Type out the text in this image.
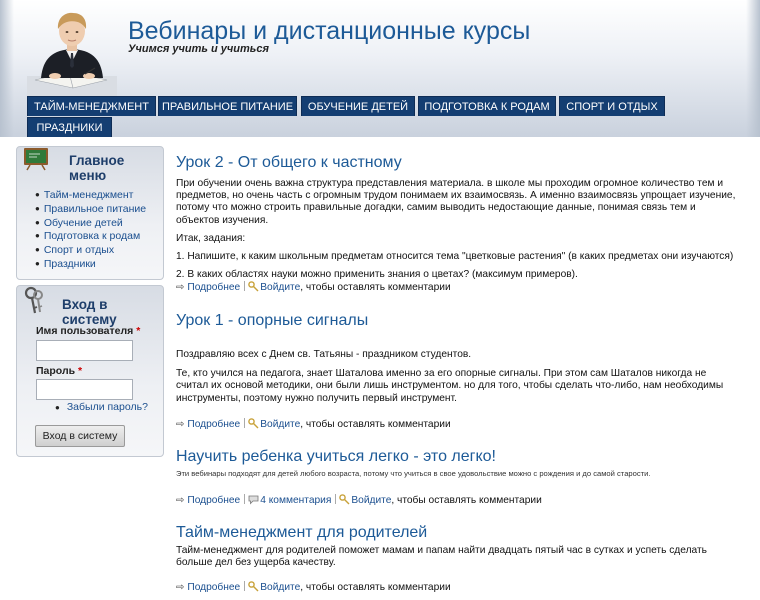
Вебинары и дистанционные курсы
Учимся учить и учиться
ТАЙМ-МЕНЕДЖМЕНТ	ПРАВИЛЬНОЕ ПИТАНИЕ	ОБУЧЕНИЕ ДЕТЕЙ	ПОДГОТОВКА К РОДАМ	СПОРТ И ОТДЫХ
ПРАЗДНИКИ
Главное меню
● Тайм-менеджмент
● Правильное питание
● Обучение детей
● Подготовка к родам
● Спорт и отдых
● Праздники
Вход в систему
Имя пользователя *
Пароль *
● Забыли пароль?
Вход в систему
Урок 2 - От общего к частному

При обучении очень важна структура представления материала. в школе мы проходим огромное количество тем и предметов, но очень часть с огромным трудом понимаем их взаимосвязь. А именно взаимосвязь упрощает изучение, потому что можно строить правильные догадки, самим выводить недостающие данные, понимая связь тем и объектов изучения.

Итак, задания:

1. Напишите, к каким школьным предметам относится тема "цветковые растения" (в каких предметах они изучаются)

2. В каких областях науки можно применить знания о цветах? (максимум примеров).

⇨ Подробнее Войдите, чтобы оставлять комментарии
Урок 1 - опорные сигналы

Поздравляю всех с Днем св. Татьяны - праздником студентов.

Те, кто учился на педагога, знает Шаталова именно за его опорные сигналы. При этом сам Шаталов никогда не считал их основой методики, они были лишь инструментом. но для того, чтобы сделать что-либо, нам необходимы инструменты, поэтому нужно получить первый инструмент.

⇨ Подробнее Войдите, чтобы оставлять комментарии
Научить ребенка учиться легко - это легко!

Эти вебинары подходят для детей любого возраста, потому что учиться в свое удовольствие можно с рождения и до самой старости.

⇨ Подробнее 4 комментария Войдите, чтобы оставлять комментарии
Тайм-менеджмент для родителей

Тайм-менеджмент для родителей поможет мамам и папам найти двадцать пятый час в сутках и успеть сделать больше дел без ущерба качеству.

⇨ Подробнее Войдите, чтобы оставлять комментарии
